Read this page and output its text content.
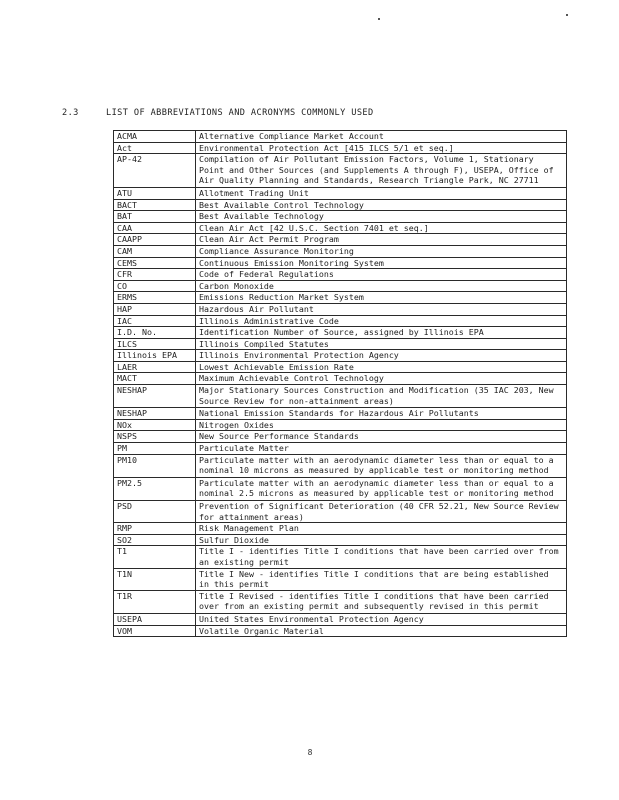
2.3	LIST OF ABBREVIATIONS AND ACRONYMS COMMONLY USED
ACMA	Alternative Compliance Market Account
Act	Environmental Protection Act [415 ILCS 5/1 et seq.]
AP-42	Compilation of Air Pollutant Emission Factors, Volume 1, Stationary Point and Other Sources (and Supplements A through F), USEPA, Office of Air Quality Planning and Standards, Research Triangle Park, NC 27711
ATU	Allotment Trading Unit
BACT	Best Available Control Technology
BAT	Best Available Technology
CAA	Clean Air Act [42 U.S.C. Section 7401 et seq.]
CAAPP	Clean Air Act Permit Program
CAM	Compliance Assurance Monitoring
CEMS	Continuous Emission Monitoring System
CFR	Code of Federal Regulations
CO	Carbon Monoxide
ERMS	Emissions Reduction Market System
HAP	Hazardous Air Pollutant
IAC	Illinois Administrative Code
I.D. No.	Identification Number of Source, assigned by Illinois EPA
ILCS	Illinois Compiled Statutes
Illinois EPA	Illinois Environmental Protection Agency
LAER	Lowest Achievable Emission Rate
MACT	Maximum Achievable Control Technology
NESHAP	Major Stationary Sources Construction and Modification (35 IAC 203, New Source Review for non-attainment areas)
NESHAP	National Emission Standards for Hazardous Air Pollutants
NOx	Nitrogen Oxides
NSPS	New Source Performance Standards
PM	Particulate Matter
PM10	Particulate matter with an aerodynamic diameter less than or equal to a nominal 10 microns as measured by applicable test or monitoring method
PM2.5	Particulate matter with an aerodynamic diameter less than or equal to a nominal 2.5 microns as measured by applicable test or monitoring method
PSD	Prevention of Significant Deterioration (40 CFR 52.21, New Source Review for attainment areas)
RMP	Risk Management Plan
SO2	Sulfur Dioxide
T1	Title I - identifies Title I conditions that have been carried over from an existing permit
T1N	Title I New - identifies Title I conditions that are being established in this permit
T1R	Title I Revised - identifies Title I conditions that have been carried over from an existing permit and subsequently revised in this permit
USEPA	United States Environmental Protection Agency
VOM	Volatile Organic Material
8
